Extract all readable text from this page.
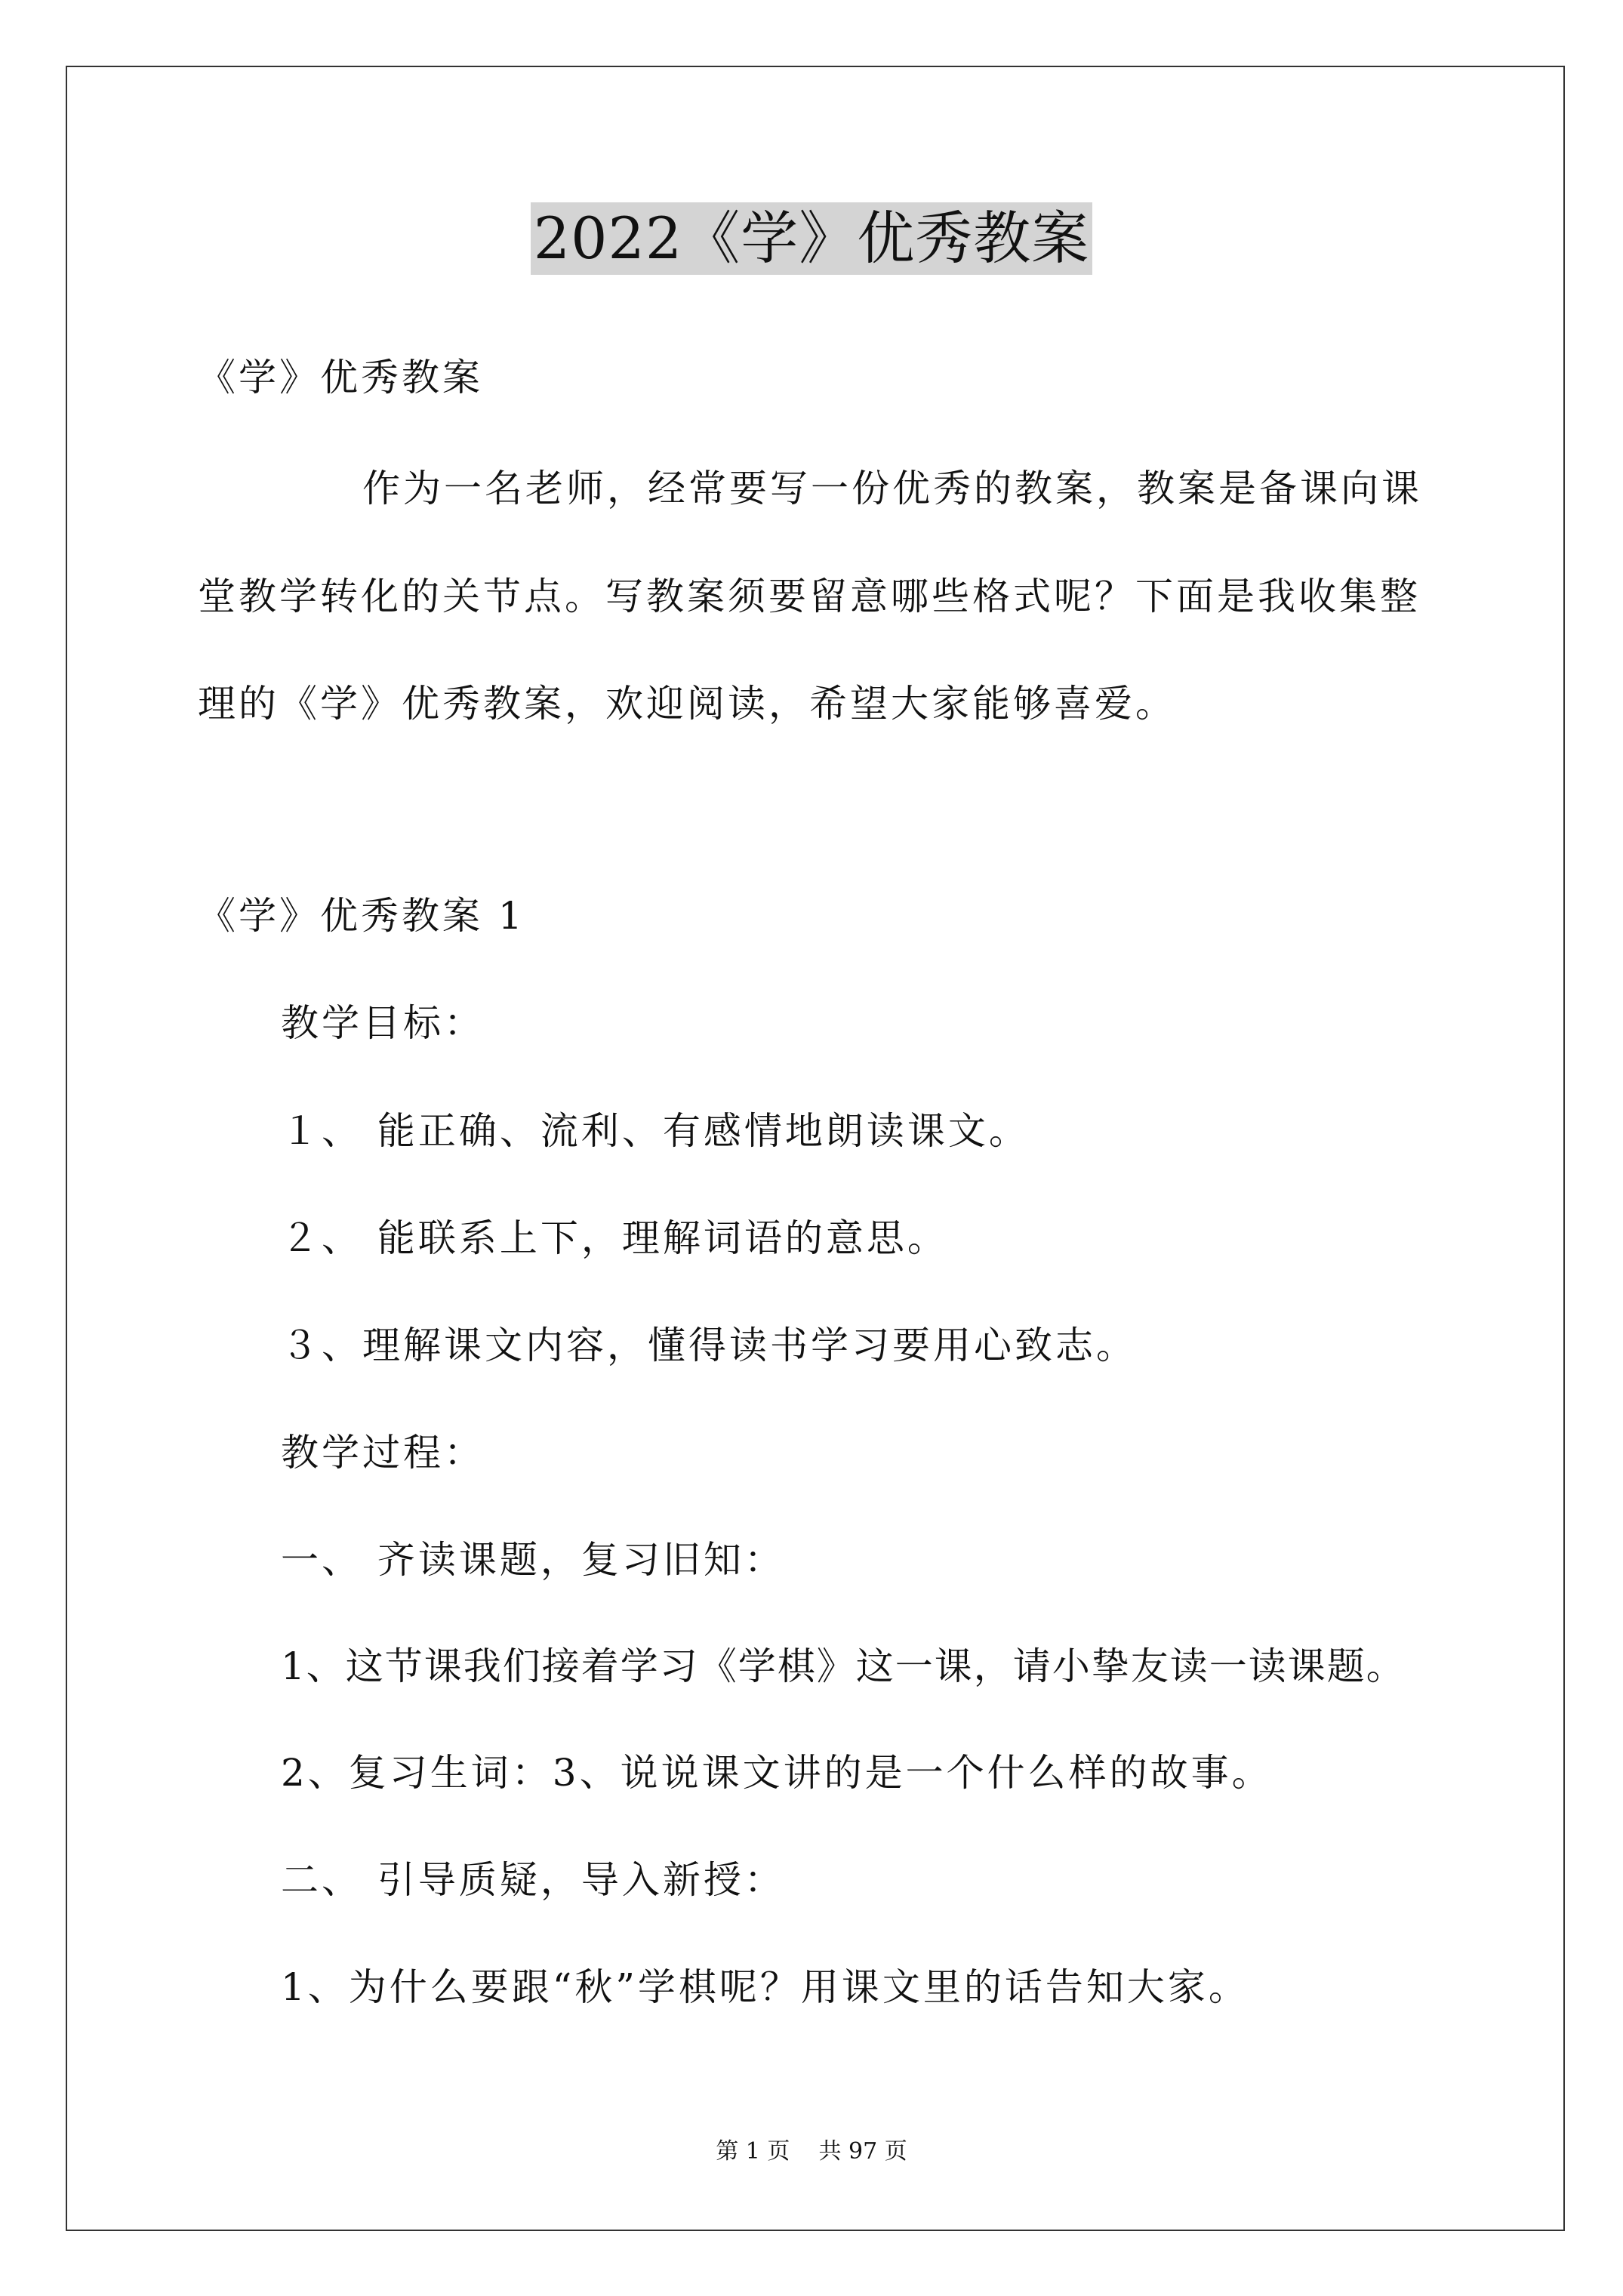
2022《学》优秀教案
《学》优秀教案
作为一名老师，经常要写一份优秀的教案，教案是备课向课
堂教学转化的关节点。写教案须要留意哪些格式呢？下面是我收集整
理的《学》优秀教案，欢迎阅读，希望大家能够喜爱。
《学》优秀教案 1
教学目标：
１、 能正确、流利、有感情地朗读课文。
２、 能联系上下，理解词语的意思。
３、理解课文内容，懂得读书学习要用心致志。
教学过程：
一、 齐读课题，复习旧知：
1、这节课我们接着学习《学棋》这一课，请小挚友读一读课题。
2、复习生词：3、说说课文讲的是一个什么样的故事。
二、 引导质疑，导入新授：
1、为什么要跟“秋”学棋呢？用课文里的话告知大家。
第 1 页    共 97 页
